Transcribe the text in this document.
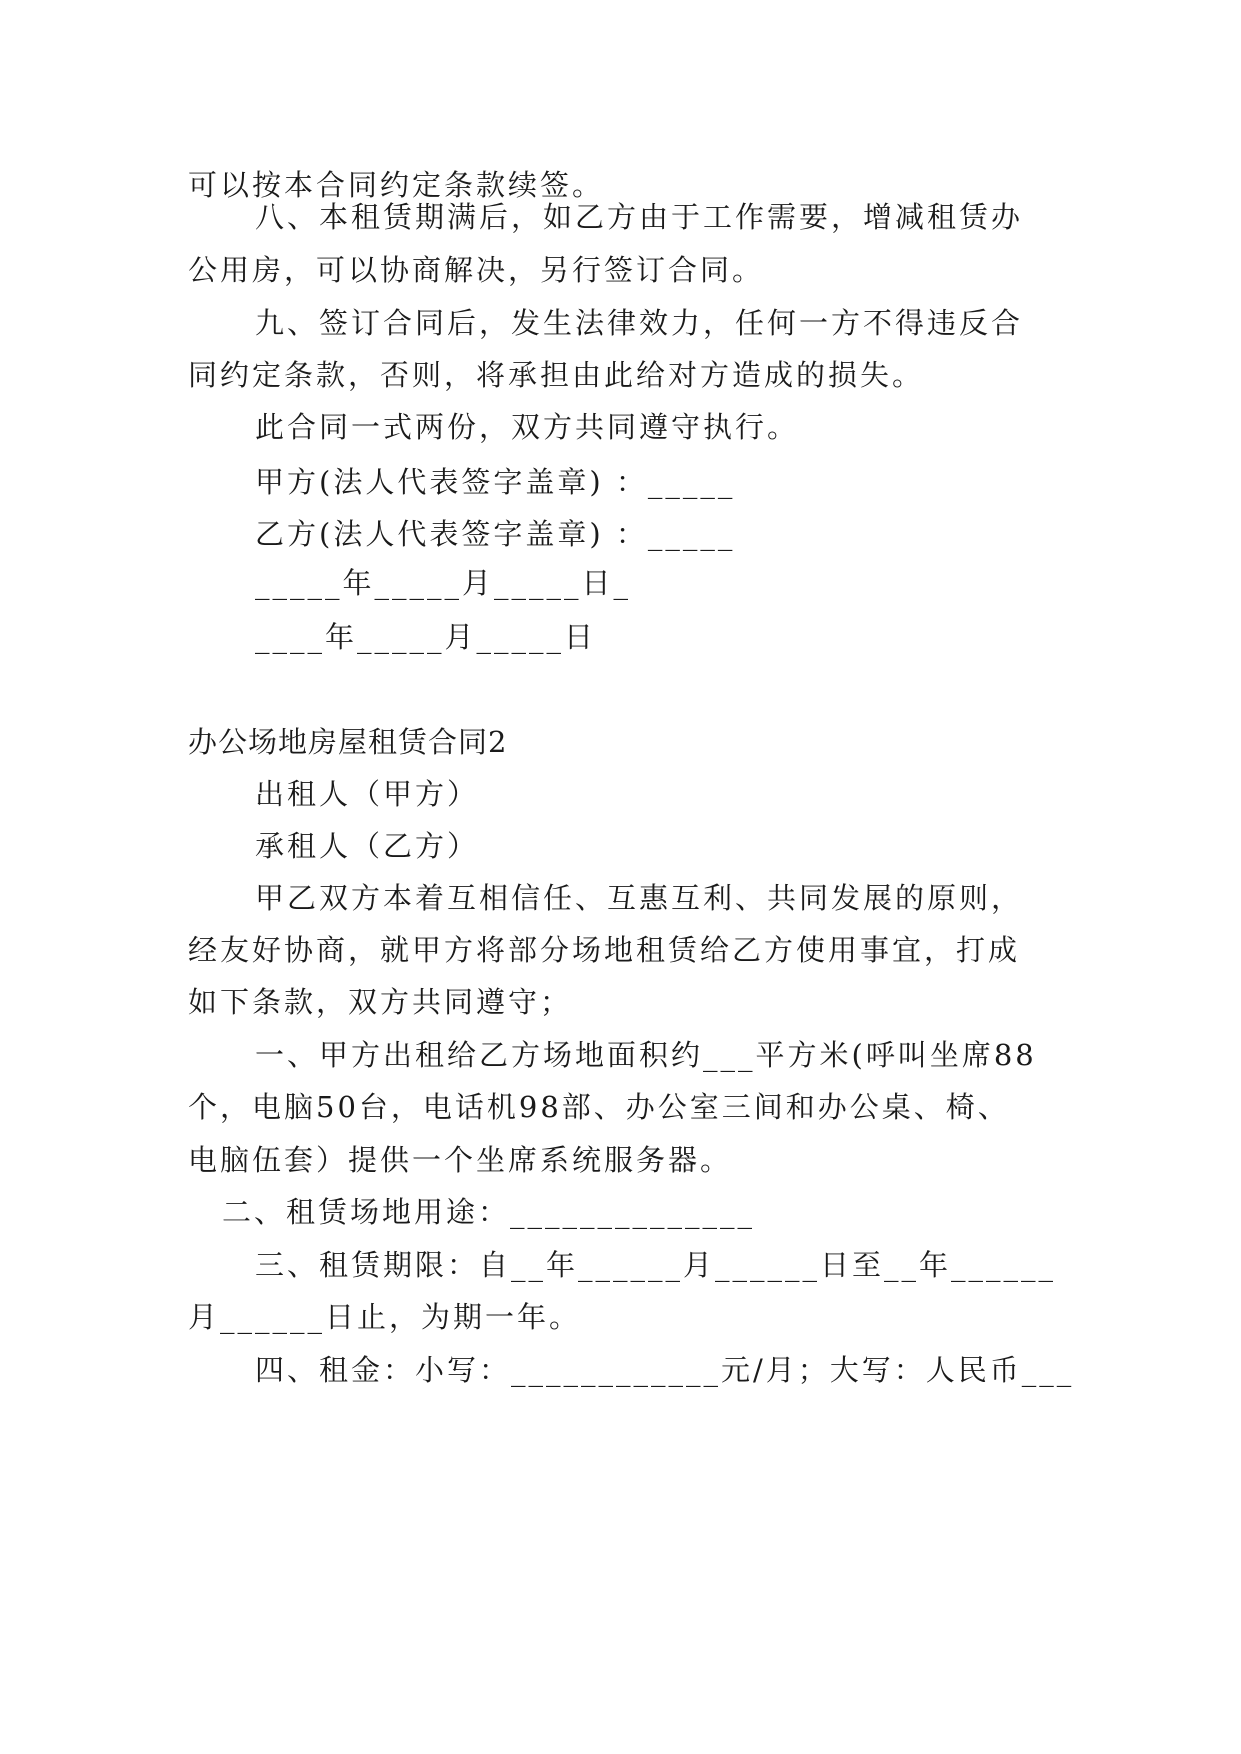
可以按本合同约定条款续签。
八、本租赁期满后，如乙方由于工作需要，增减租赁办
公用房，可以协商解决，另行签订合同。
九、签订合同后，发生法律效力，任何一方不得违反合
同约定条款，否则，将承担由此给对方造成的损失。
此合同一式两份，双方共同遵守执行。
甲方(法人代表签字盖章) ：_____
乙方(法人代表签字盖章) ：_____
_____年_____月_____日_
____年_____月_____日
办公场地房屋租赁合同2
出租人（甲方）
承租人（乙方）
甲乙双方本着互相信任、互惠互利、共同发展的原则，
经友好协商，就甲方将部分场地租赁给乙方使用事宜，打成
如下条款，双方共同遵守；
一、甲方出租给乙方场地面积约___平方米(呼叫坐席88
个，电脑50台，电话机98部、办公室三间和办公桌、椅、
电脑伍套）提供一个坐席系统服务器。
二、租赁场地用途：______________
三、租赁期限：自__年______月______日至__年______
月______日止，为期一年。
四、租金：小写：____________元/月；大写：人民币___
